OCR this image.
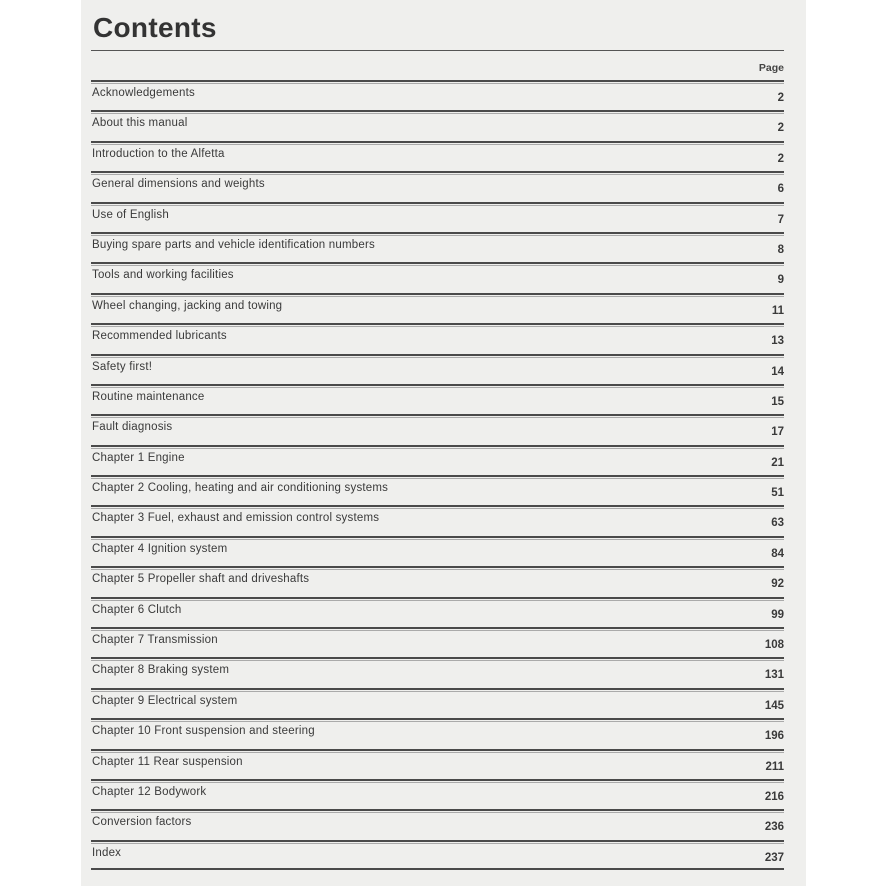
Contents
Page
Acknowledgements	2
About this manual	2
Introduction to the Alfetta	2
General dimensions and weights	6
Use of English	7
Buying spare parts and vehicle identification numbers	8
Tools and working facilities	9
Wheel changing, jacking and towing	11
Recommended lubricants	13
Safety first!	14
Routine maintenance	15
Fault diagnosis	17
Chapter 1 Engine	21
Chapter 2 Cooling, heating and air conditioning systems	51
Chapter 3 Fuel, exhaust and emission control systems	63
Chapter 4 Ignition system	84
Chapter 5 Propeller shaft and driveshafts	92
Chapter 6 Clutch	99
Chapter 7 Transmission	108
Chapter 8 Braking system	131
Chapter 9 Electrical system	145
Chapter 10 Front suspension and steering	196
Chapter 11 Rear suspension	211
Chapter 12 Bodywork	216
Conversion factors	236
Index	237
